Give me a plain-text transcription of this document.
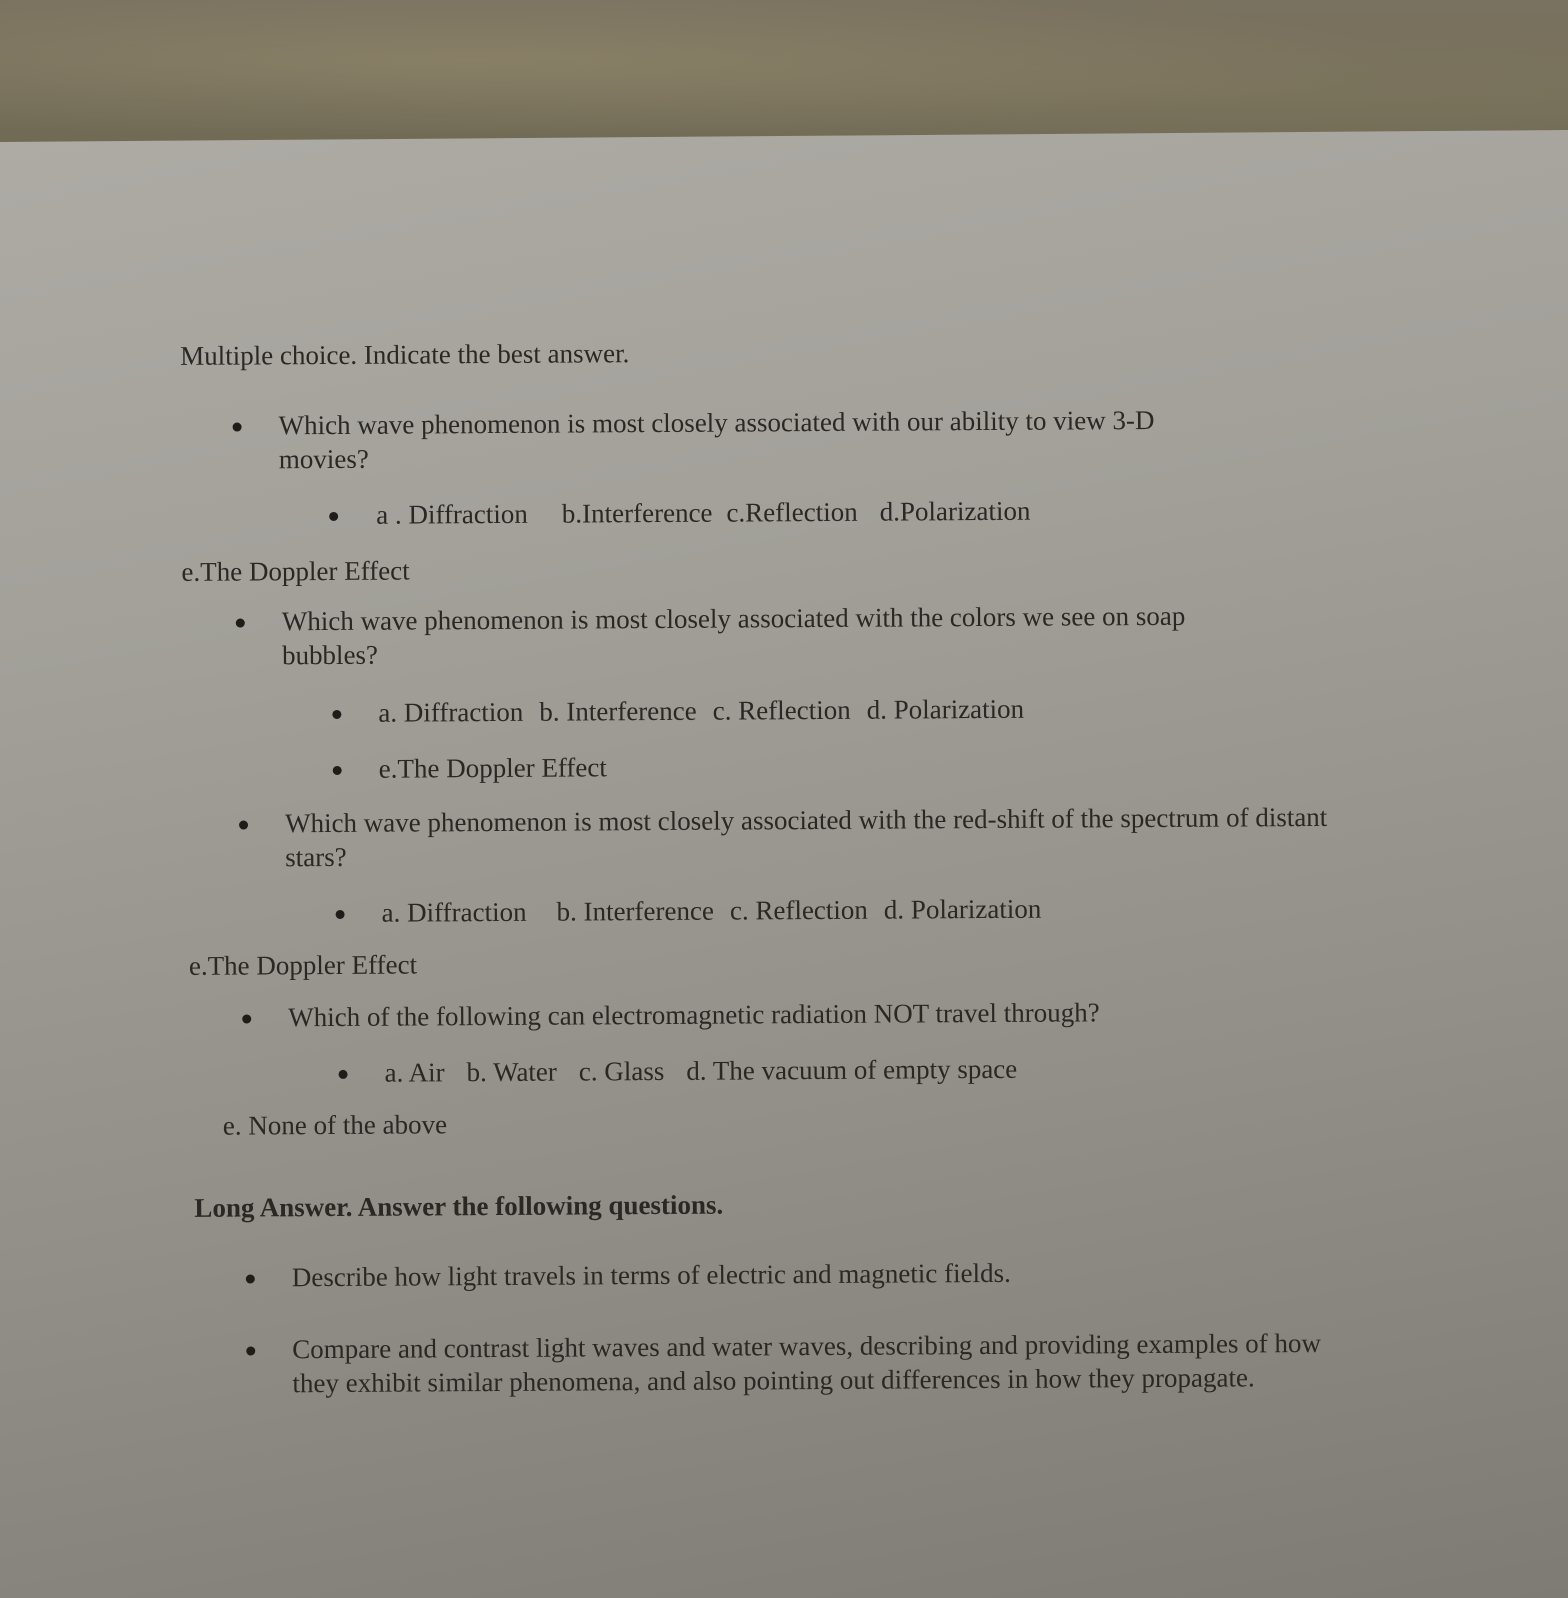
Multiple choice. Indicate the best answer.
Which wave phenomenon is most closely associated with our ability to view 3-D movies?
a . Diffraction b.Interference c.Reflection d.Polarization
e.The Doppler Effect
Which wave phenomenon is most closely associated with the colors we see on soap bubbles?
a. Diffraction b. Interference c. Reflection d. Polarization
e.The Doppler Effect
Which wave phenomenon is most closely associated with the red-shift of the spectrum of distant stars?
a. Diffraction b. Interference c. Reflection d. Polarization
e.The Doppler Effect
Which of the following can electromagnetic radiation NOT travel through?
a. Air b. Water c. Glass d. The vacuum of empty space
e. None of the above
Long Answer. Answer the following questions.
Describe how light travels in terms of electric and magnetic fields.
Compare and contrast light waves and water waves, describing and providing examples of how they exhibit similar phenomena, and also pointing out differences in how they propagate.
